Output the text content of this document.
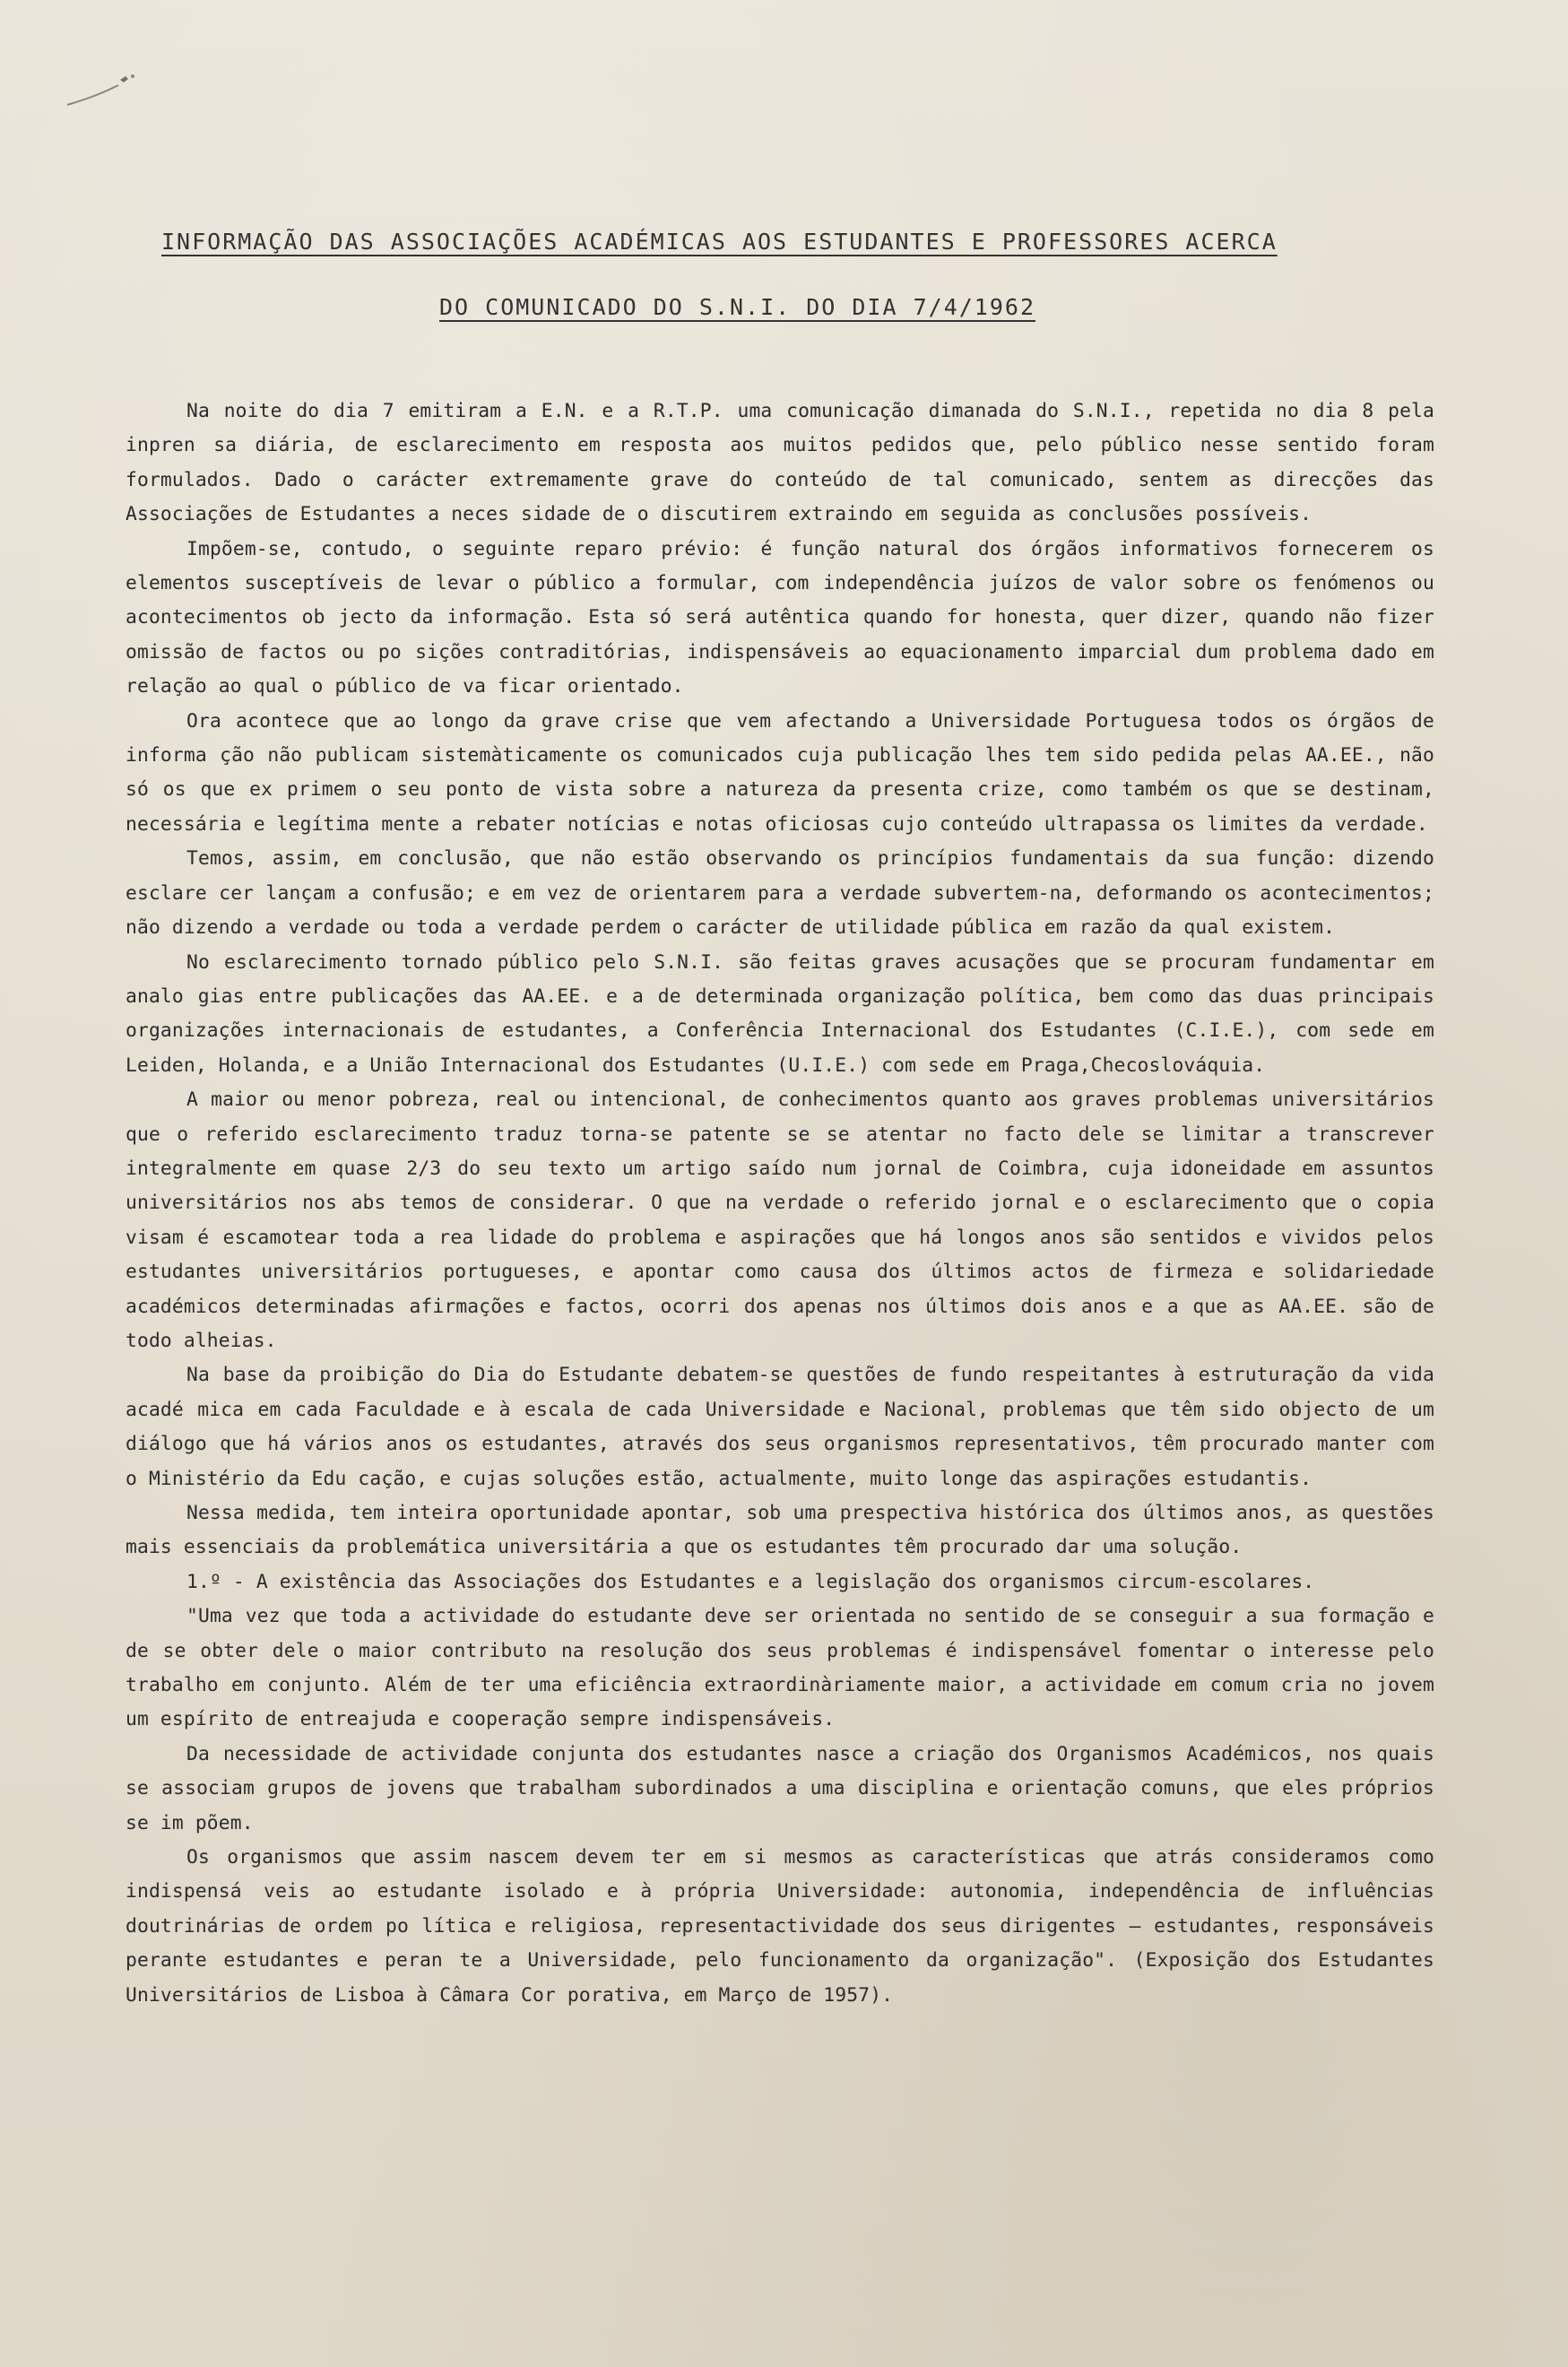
INFORMAÇÃO DAS ASSOCIAÇÕES ACADÉMICAS AOS ESTUDANTES E PROFESSORES ACERCA
DO COMUNICADO DO S.N.I. DO DIA 7/4/1962

Na noite do dia 7 emitiram a E.N. e a R.T.P. uma comunicação dimanada do S.N.I., repetida no dia 8 pela inpren sa diária, de esclarecimento em resposta aos muitos pedidos que, pelo público nesse sentido foram formulados. Dado o carácter extremamente grave do conteúdo de tal comunicado, sentem as direcções das Associações de Estudantes a neces sidade de o discutirem extraindo em seguida as conclusões possíveis.

Impõem-se, contudo, o seguinte reparo prévio: é função natural dos órgãos informativos fornecerem os elementos susceptíveis de levar o público a formular, com independência juízos de valor sobre os fenómenos ou acontecimentos ob jecto da informação. Esta só será autêntica quando for honesta, quer dizer, quando não fizer omissão de factos ou po sições contraditórias, indispensáveis ao equacionamento imparcial dum problema dado em relação ao qual o público de va ficar orientado.

Ora acontece que ao longo da grave crise que vem afectando a Universidade Portuguesa todos os órgãos de informa ção não publicam sistemàticamente os comunicados cuja publicação lhes tem sido pedida pelas AA.EE., não só os que ex primem o seu ponto de vista sobre a natureza da presenta crize, como também os que se destinam, necessária e legítima mente a rebater notícias e notas oficiosas cujo conteúdo ultrapassa os limites da verdade.

Temos, assim, em conclusão, que não estão observando os princípios fundamentais da sua função: dizendo esclare cer lançam a confusão; e em vez de orientarem para a verdade subvertem-na, deformando os acontecimentos; não dizendo a verdade ou toda a verdade perdem o carácter de utilidade pública em razão da qual existem.

No esclarecimento tornado público pelo S.N.I. são feitas graves acusações que se procuram fundamentar em analo gias entre publicações das AA.EE. e a de determinada organização política, bem como das duas principais organizações internacionais de estudantes, a Conferência Internacional dos Estudantes (C.I.E.), com sede em Leiden, Holanda, e a União Internacional dos Estudantes (U.I.E.) com sede em Praga,Checoslováquia.

A maior ou menor pobreza, real ou intencional, de conhecimentos quanto aos graves problemas universitários que o referido esclarecimento traduz torna-se patente se se atentar no facto dele se limitar a transcrever integralmente em quase 2/3 do seu texto um artigo saído num jornal de Coimbra, cuja idoneidade em assuntos universitários nos abs temos de considerar. O que na verdade o referido jornal e o esclarecimento que o copia visam é escamotear toda a rea lidade do problema e aspirações que há longos anos são sentidos e vividos pelos estudantes universitários portugueses, e apontar como causa dos últimos actos de firmeza e solidariedade académicos determinadas afirmações e factos, ocorri dos apenas nos últimos dois anos e a que as AA.EE. são de todo alheias.

Na base da proibição do Dia do Estudante debatem-se questões de fundo respeitantes à estruturação da vida acadé mica em cada Faculdade e à escala de cada Universidade e Nacional, problemas que têm sido objecto de um diálogo que há vários anos os estudantes, através dos seus organismos representativos, têm procurado manter com o Ministério da Edu cação, e cujas soluções estão, actualmente, muito longe das aspirações estudantis.

Nessa medida, tem inteira oportunidade apontar, sob uma prespectiva histórica dos últimos anos, as questões mais essenciais da problemática universitária a que os estudantes têm procurado dar uma solução.

1.º - A existência das Associações dos Estudantes e a legislação dos organismos circum-escolares.

"Uma vez que toda a actividade do estudante deve ser orientada no sentido de se conseguir a sua formação e de se obter dele o maior contributo na resolução dos seus problemas é indispensável fomentar o interesse pelo trabalho em conjunto. Além de ter uma eficiência extraordinàriamente maior, a actividade em comum cria no jovem um espírito de entreajuda e cooperação sempre indispensáveis.

Da necessidade de actividade conjunta dos estudantes nasce a criação dos Organismos Académicos, nos quais se associam grupos de jovens que trabalham subordinados a uma disciplina e orientação comuns, que eles próprios se im põem.

Os organismos que assim nascem devem ter em si mesmos as características que atrás consideramos como indispensá veis ao estudante isolado e à própria Universidade: autonomia, independência de influências doutrinárias de ordem po lítica e religiosa, representactividade dos seus dirigentes — estudantes, responsáveis perante estudantes e peran te a Universidade, pelo funcionamento da organização". (Exposição dos Estudantes Universitários de Lisboa à Câmara Cor porativa, em Março de 1957).
